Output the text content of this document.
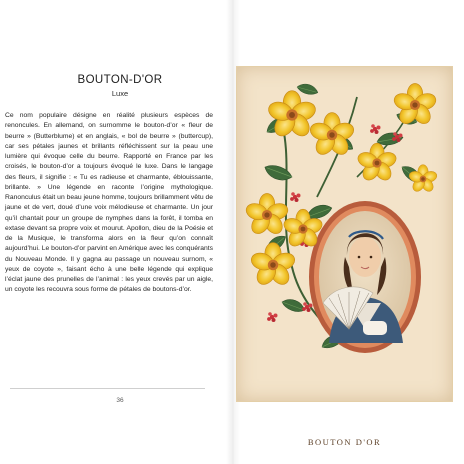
BOUTON-D'OR
Luxe

Ce nom populaire désigne en réalité plusieurs espèces de renoncules. En allemand, on surnomme le bouton-d’or « fleur de beurre » (Butterblume) et en anglais, « bol de beurre » (buttercup), car ses pétales jaunes et brillants réfléchissent sur la peau une lumière qui évoque celle du beurre. Rapporté en France par les croisés, le bouton-d’or a toujours évoqué le luxe. Dans le langage des fleurs, il signifie : « Tu es radieuse et charmante, éblouissante, brillante. » Une légende en raconte l’origine mythologique. Ranonculus était un beau jeune homme, toujours brillamment vêtu de jaune et de vert, doué d’une voix mélodieuse et charmante. Un jour qu’il chantait pour un groupe de nymphes dans la forêt, il tomba en extase devant sa propre voix et mourut. Apollon, dieu de la Poésie et de la Musique, le transforma alors en la fleur qu’on connaît aujourd’hui. Le bouton-d’or parvint en Amérique avec les conquérants du Nouveau Monde. Il y gagna au passage un nouveau surnom, « yeux de coyote », faisant écho à une belle légende qui explique l’éclat jaune des prunelles de l’animal : les yeux crevés par un aigle, un coyote les recouvra sous forme de pétales de boutons-d’or.

36
BOUTON D'OR
